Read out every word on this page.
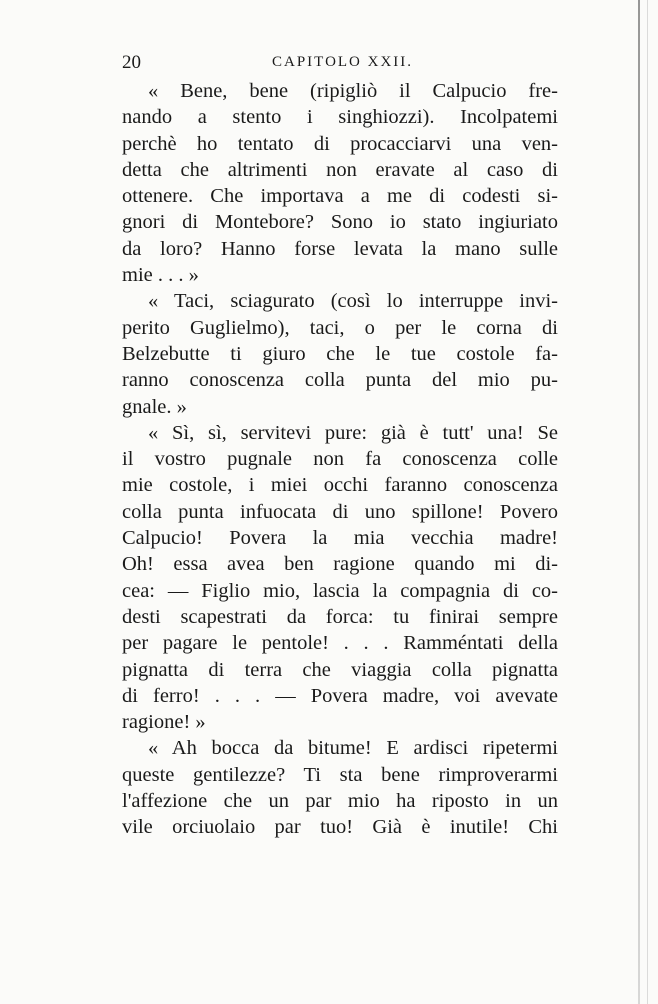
20	CAPITOLO XXII.
« Bene, bene (ripigliò il Calpucio fre-
nando a stento i singhiozzi). Incolpatemi
perchè ho tentato di procacciarvi una ven-
detta che altrimenti non eravate al caso di
ottenere. Che importava a me di codesti si-
gnori di Montebore? Sono io stato ingiuriato
da loro? Hanno forse levata la mano sulle
mie . . . »
« Taci, sciagurato (così lo interruppe invi-
perito Guglielmo), taci, o per le corna di
Belzebutte ti giuro che le tue costole fa-
ranno conoscenza colla punta del mio pu-
gnale. »
« Sì, sì, servitevi pure: già è tutt' una! Se
il vostro pugnale non fa conoscenza colle
mie costole, i miei occhi faranno conoscenza
colla punta infuocata di uno spillone! Povero
Calpucio! Povera la mia vecchia madre!
Oh! essa avea ben ragione quando mi di-
cea: — Figlio mio, lascia la compagnia di co-
desti scapestrati da forca: tu finirai sempre
per pagare le pentole! . . . Ramméntati della
pignatta di terra che viaggia colla pignatta
di ferro! . . . — Povera madre, voi avevate
ragione! »
« Ah bocca da bitume! E ardisci ripetermi
queste gentilezze? Ti sta bene rimproverarmi
l'affezione che un par mio ha riposto in un
vile orciuolaio par tuo! Già è inutile! Chi
